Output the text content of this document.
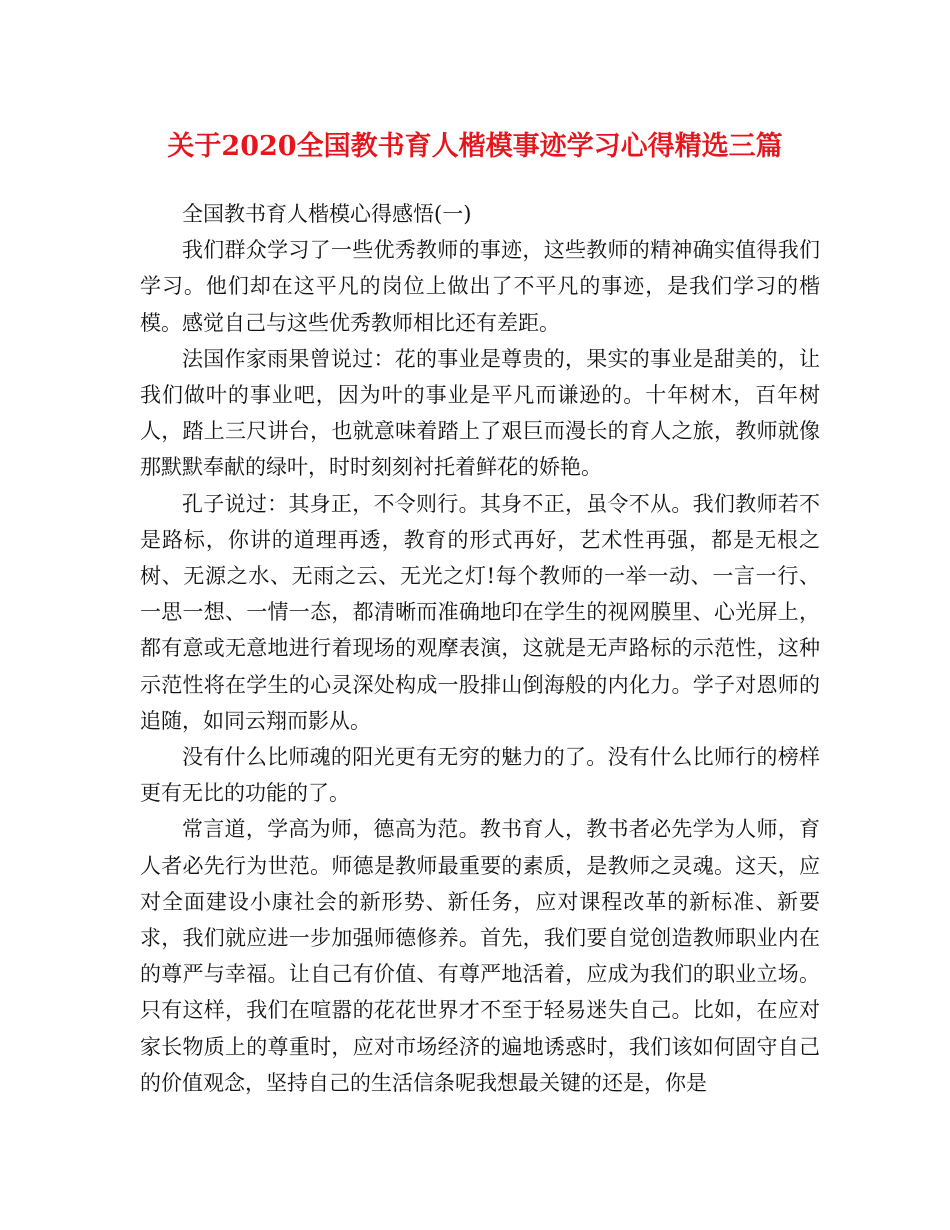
关于2020全国教书育人楷模事迹学习心得精选三篇

全国教书育人楷模心得感悟(一)

我们群众学习了一些优秀教师的事迹，这些教师的精神确实值得我们学习。他们却在这平凡的岗位上做出了不平凡的事迹，是我们学习的楷模。感觉自己与这些优秀教师相比还有差距。

法国作家雨果曾说过：花的事业是尊贵的，果实的事业是甜美的，让我们做叶的事业吧，因为叶的事业是平凡而谦逊的。十年树木，百年树人，踏上三尺讲台，也就意味着踏上了艰巨而漫长的育人之旅，教师就像那默默奉献的绿叶，时时刻刻衬托着鲜花的娇艳。

孔子说过：其身正，不令则行。其身不正，虽令不从。我们教师若不是路标，你讲的道理再透，教育的形式再好，艺术性再强，都是无根之树、无源之水、无雨之云、无光之灯!每个教师的一举一动、一言一行、一思一想、一情一态，都清晰而准确地印在学生的视网膜里、心光屏上，都有意或无意地进行着现场的观摩表演，这就是无声路标的示范性，这种示范性将在学生的心灵深处构成一股排山倒海般的内化力。学子对恩师的追随，如同云翔而影从。

没有什么比师魂的阳光更有无穷的魅力的了。没有什么比师行的榜样更有无比的功能的了。

常言道，学高为师，德高为范。教书育人，教书者必先学为人师，育人者必先行为世范。师德是教师最重要的素质，是教师之灵魂。这天，应对全面建设小康社会的新形势、新任务，应对课程改革的新标准、新要求，我们就应进一步加强师德修养。首先，我们要自觉创造教师职业内在的尊严与幸福。让自己有价值、有尊严地活着，应成为我们的职业立场。只有这样，我们在喧嚣的花花世界才不至于轻易迷失自己。比如，在应对家长物质上的尊重时，应对市场经济的遍地诱惑时，我们该如何固守自己的价值观念，坚持自己的生活信条呢我想最关键的还是，你是
